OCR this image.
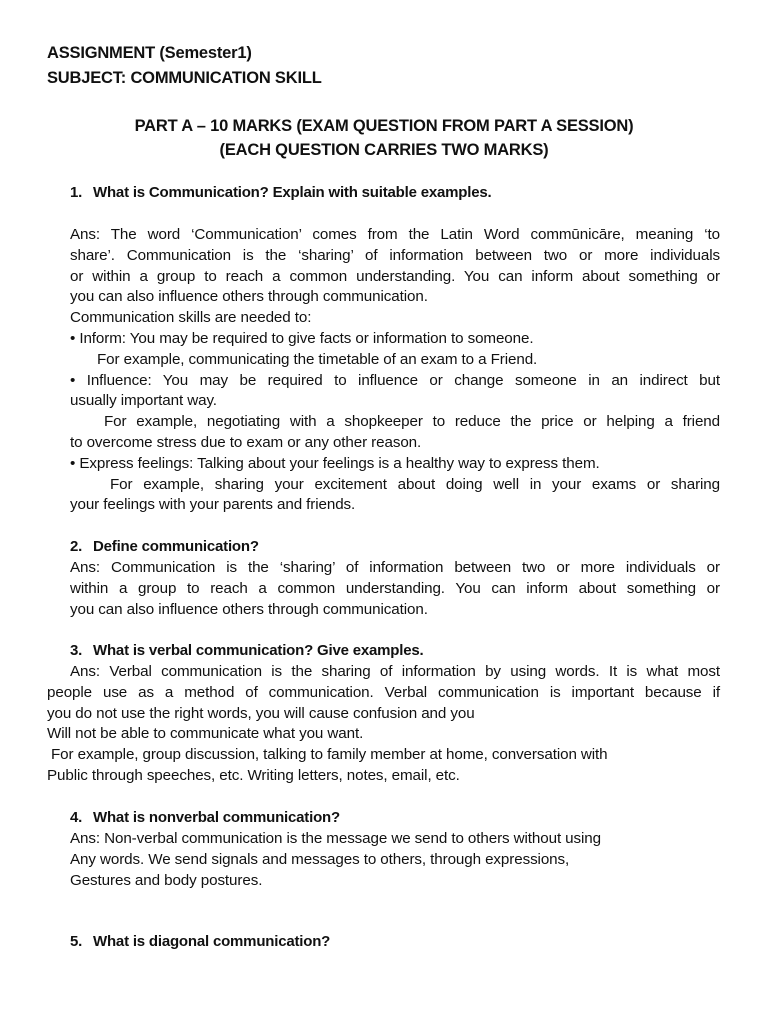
ASSIGNMENT (Semester1)
SUBJECT: COMMUNICATION SKILL
PART A – 10 MARKS (EXAM QUESTION FROM PART A SESSION)
(EACH QUESTION CARRIES TWO MARKS)
1. What is Communication? Explain with suitable examples.
Ans: The word ‘Communication’ comes from the Latin Word commūnicāre, meaning ‘to
share’. Communication is the ‘sharing’ of information between two or more individuals
or within a group to reach a common understanding. You can inform about something or
you can also influence others through communication.
Communication skills are needed to:
• Inform: You may be required to give facts or information to someone.
For example, communicating the timetable of an exam to a Friend.
• Influence: You may be required to influence or change someone in an indirect but
usually important way.
For example, negotiating with a shopkeeper to reduce the price or helping a friend
to overcome stress due to exam or any other reason.
• Express feelings: Talking about your feelings is a healthy way to express them.
For example, sharing your excitement about doing well in your exams or sharing
your feelings with your parents and friends.
2. Define communication?
Ans: Communication is the ‘sharing’ of information between two or more individuals or
within a group to reach a common understanding. You can inform about something or
you can also influence others through communication.
3. What is verbal communication? Give examples.
Ans: Verbal communication is the sharing of information by using words. It is what most
people use as a method of communication. Verbal communication is important because if
you do not use the right words, you will cause confusion and you
Will not be able to communicate what you want.
For example, group discussion, talking to family member at home, conversation with
Public through speeches, etc. Writing letters, notes, email, etc.
4. What is nonverbal communication?
Ans: Non-verbal communication is the message we send to others without using
Any words. We send signals and messages to others, through expressions,
Gestures and body postures.
5. What is diagonal communication?
